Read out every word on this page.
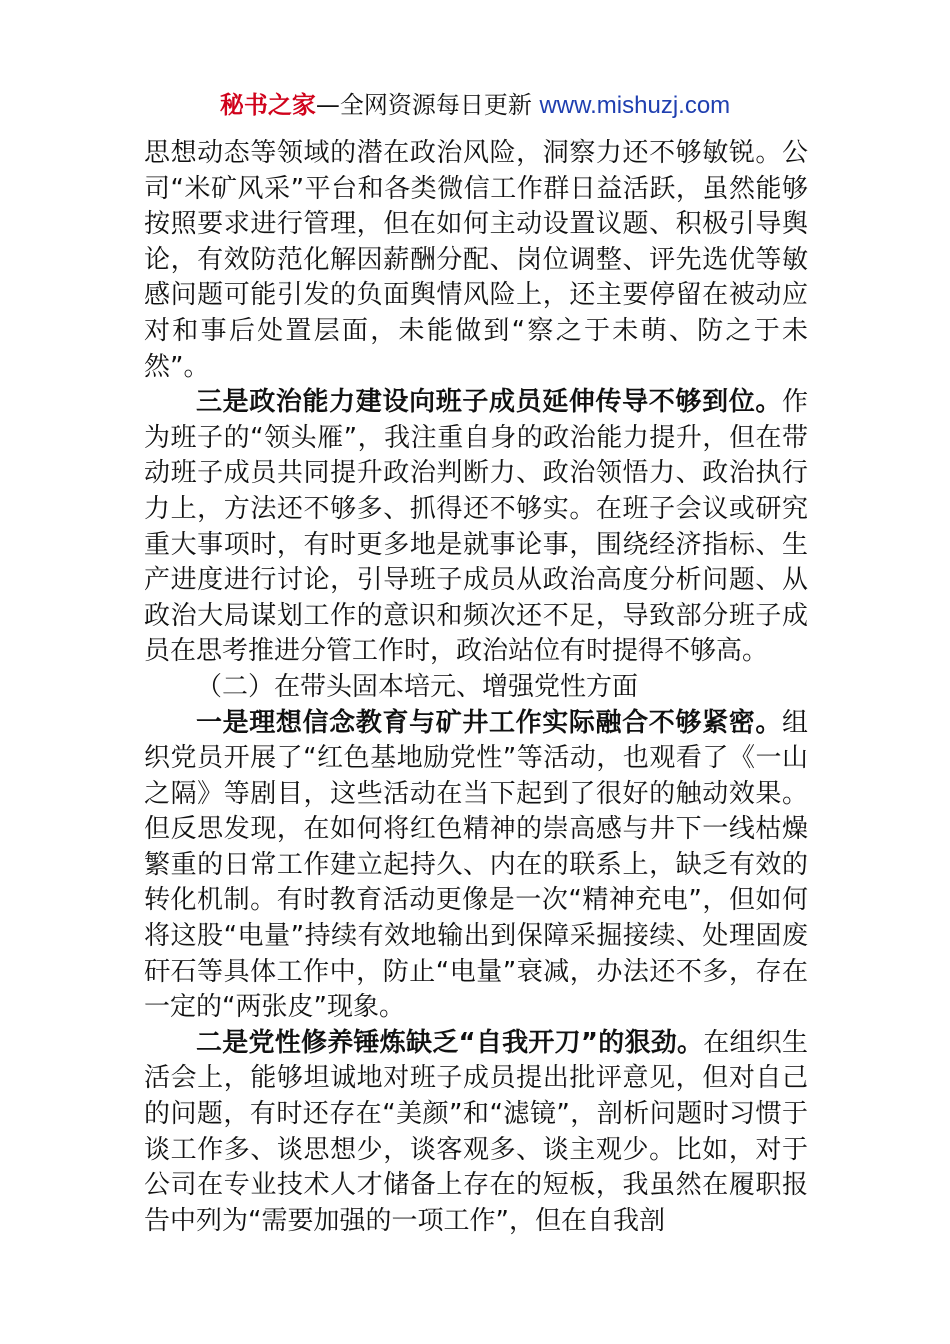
秘书之家—全网资源每日更新 www.mishuzj.com

思想动态等领域的潜在政治风险，洞察力还不够敏锐。公司“米矿风采”平台和各类微信工作群日益活跃，虽然能够按照要求进行管理，但在如何主动设置议题、积极引导舆论，有效防范化解因薪酬分配、岗位调整、评先选优等敏感问题可能引发的负面舆情风险上，还主要停留在被动应对和事后处置层面，未能做到“察之于未萌、防之于未然”。

三是政治能力建设向班子成员延伸传导不够到位。作为班子的“领头雁”，我注重自身的政治能力提升，但在带动班子成员共同提升政治判断力、政治领悟力、政治执行力上，方法还不够多、抓得还不够实。在班子会议或研究重大事项时，有时更多地是就事论事，围绕经济指标、生产进度进行讨论，引导班子成员从政治高度分析问题、从政治大局谋划工作的意识和频次还不足，导致部分班子成员在思考推进分管工作时，政治站位有时提得不够高。

（二）在带头固本培元、增强党性方面

一是理想信念教育与矿井工作实际融合不够紧密。组织党员开展了“红色基地励党性”等活动，也观看了《一山之隔》等剧目，这些活动在当下起到了很好的触动效果。但反思发现，在如何将红色精神的崇高感与井下一线枯燥繁重的日常工作建立起持久、内在的联系上，缺乏有效的转化机制。有时教育活动更像是一次“精神充电”，但如何将这股“电量”持续有效地输出到保障采掘接续、处理固废矸石等具体工作中，防止“电量”衰减，办法还不多，存在一定的“两张皮”现象。

二是党性修养锤炼缺乏“自我开刀”的狠劲。在组织生活会上，能够坦诚地对班子成员提出批评意见，但对自己的问题，有时还存在“美颜”和“滤镜”，剖析问题时习惯于谈工作多、谈思想少，谈客观多、谈主观少。比如，对于公司在专业技术人才储备上存在的短板，我虽然在履职报告中列为“需要加强的一项工作”，但在自我剖
